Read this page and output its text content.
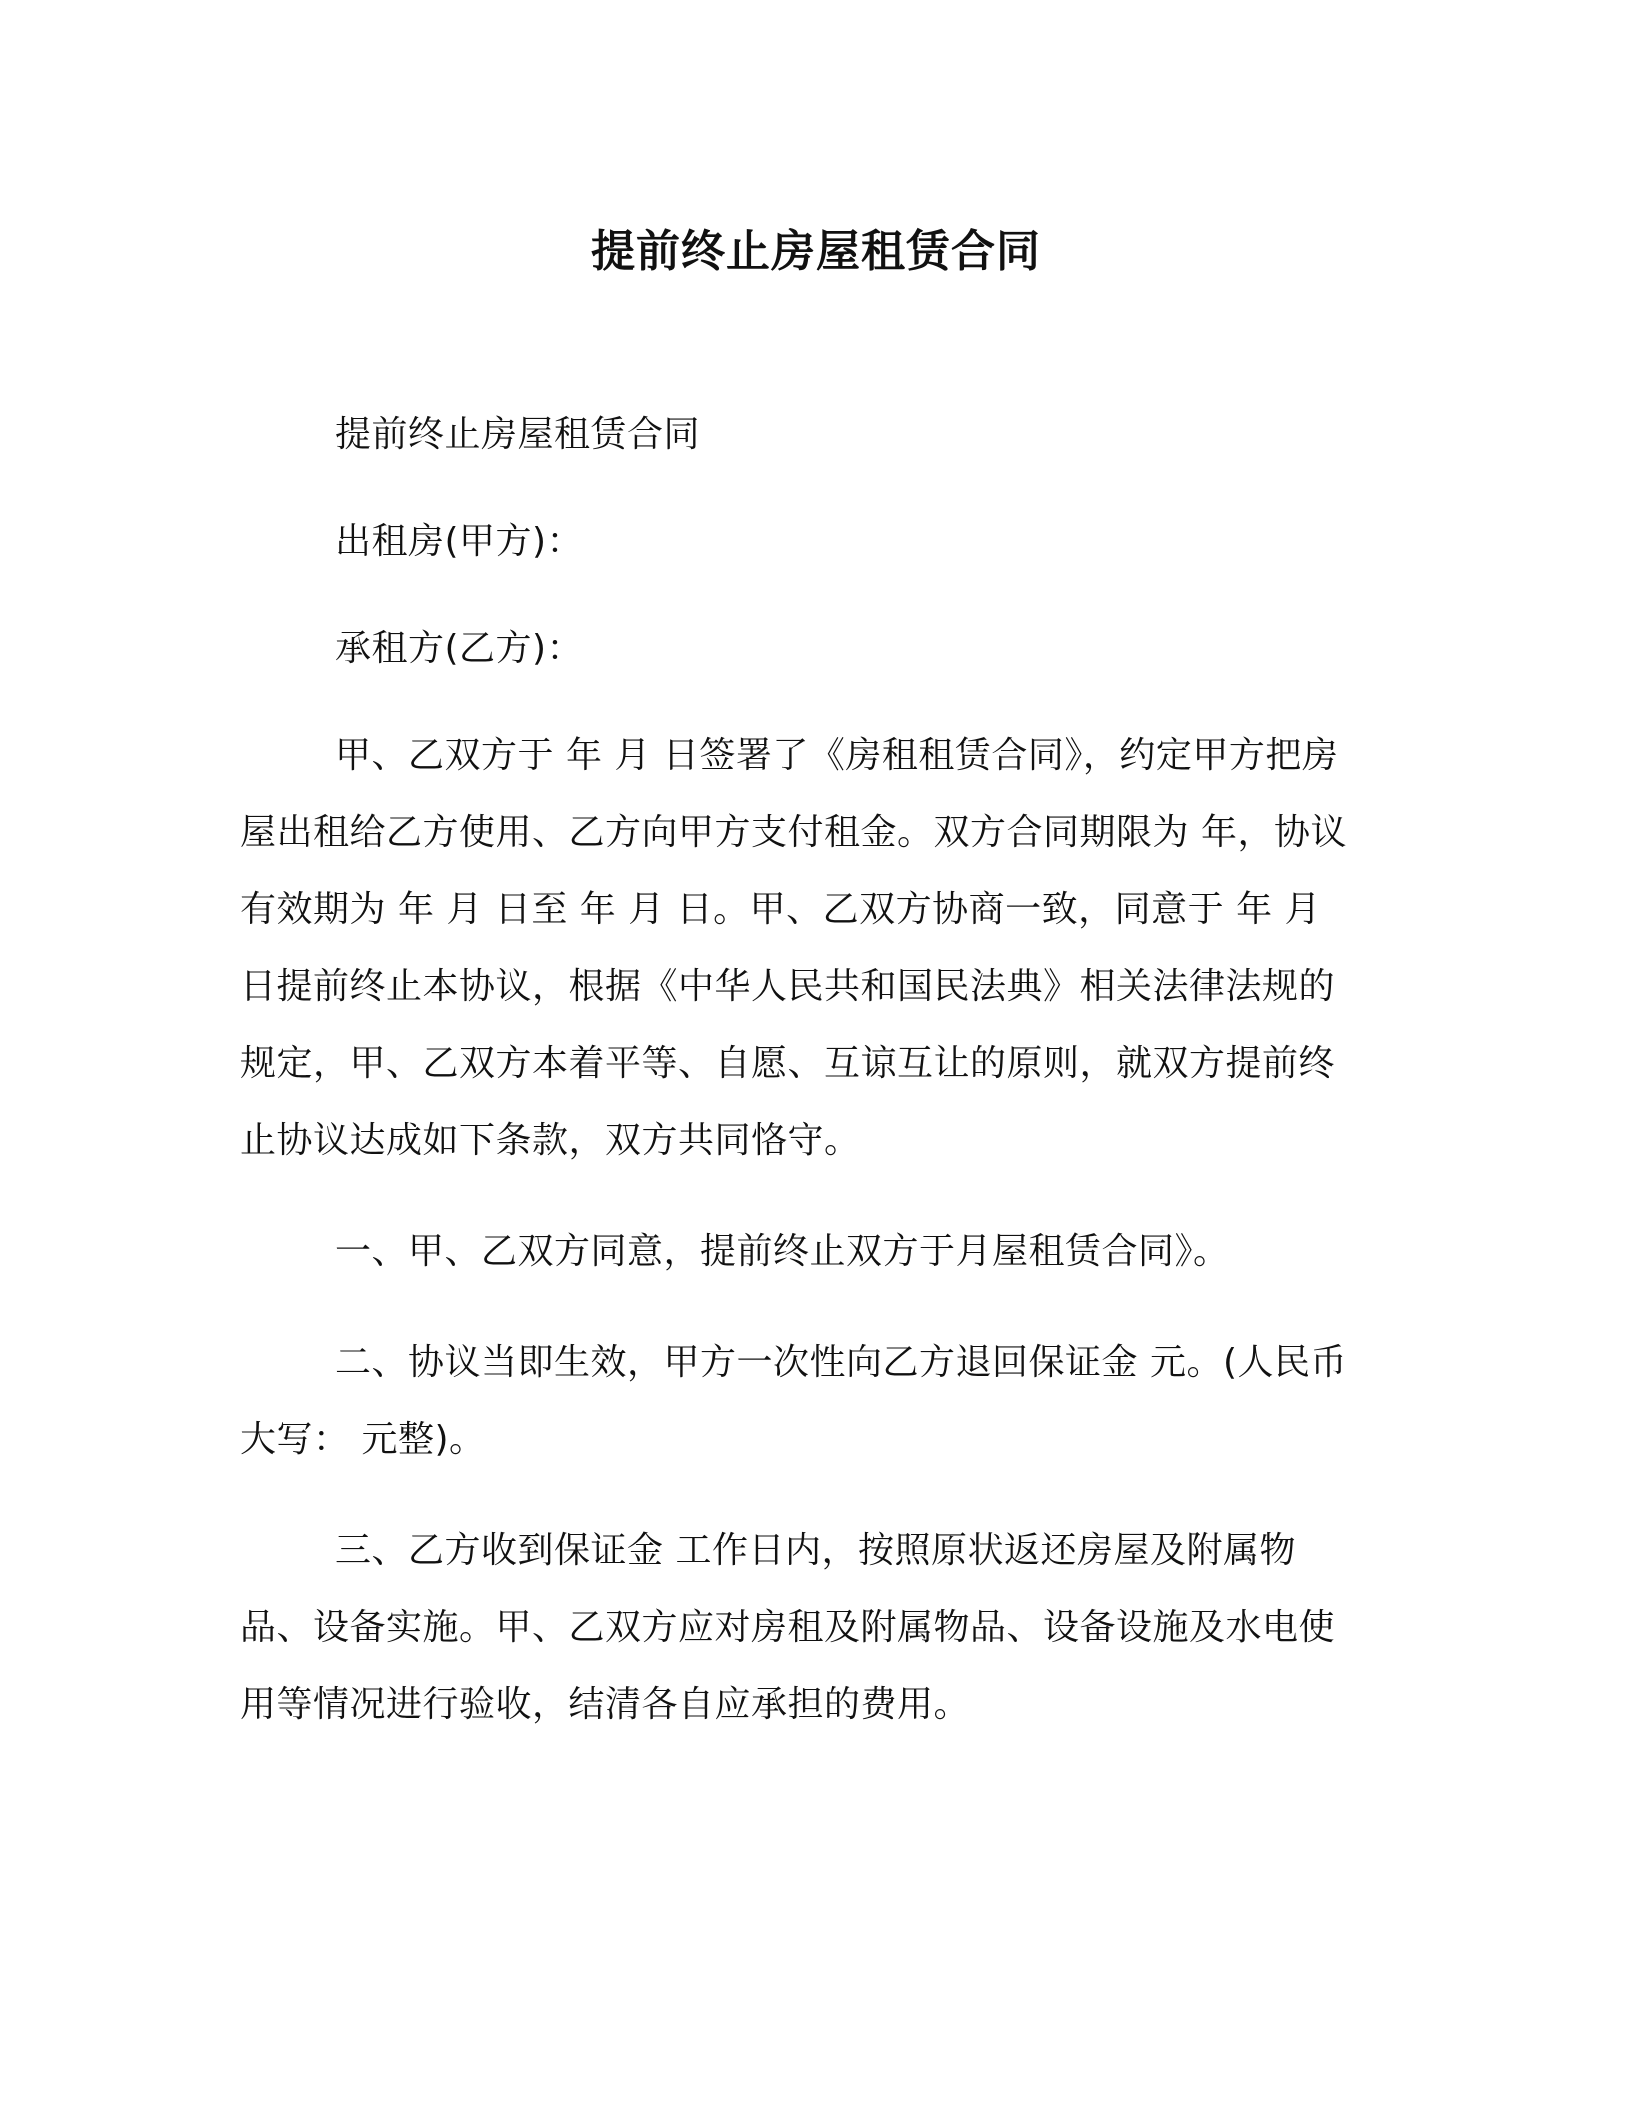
提前终止房屋租赁合同

提前终止房屋租赁合同

出租房(甲方)：

承租方(乙方)：

甲、乙双方于 年 月 日签署了《房租租赁合同》，约定甲方把房屋出租给乙方使用、乙方向甲方支付租金。双方合同期限为 年，协议有效期为 年 月 日至 年 月 日。甲、乙双方协商一致，同意于 年 月 日提前终止本协议，根据《中华人民共和国民法典》相关法律法规的规定，甲、乙双方本着平等、自愿、互谅互让的原则，就双方提前终止协议达成如下条款，双方共同恪守。

一、甲、乙双方同意，提前终止双方于月屋租赁合同》。

二、协议当即生效，甲方一次性向乙方退回保证金 元。(人民币大写： 元整)。

三、乙方收到保证金 工作日内，按照原状返还房屋及附属物品、设备实施。甲、乙双方应对房租及附属物品、设备设施及水电使用等情况进行验收，结清各自应承担的费用。
